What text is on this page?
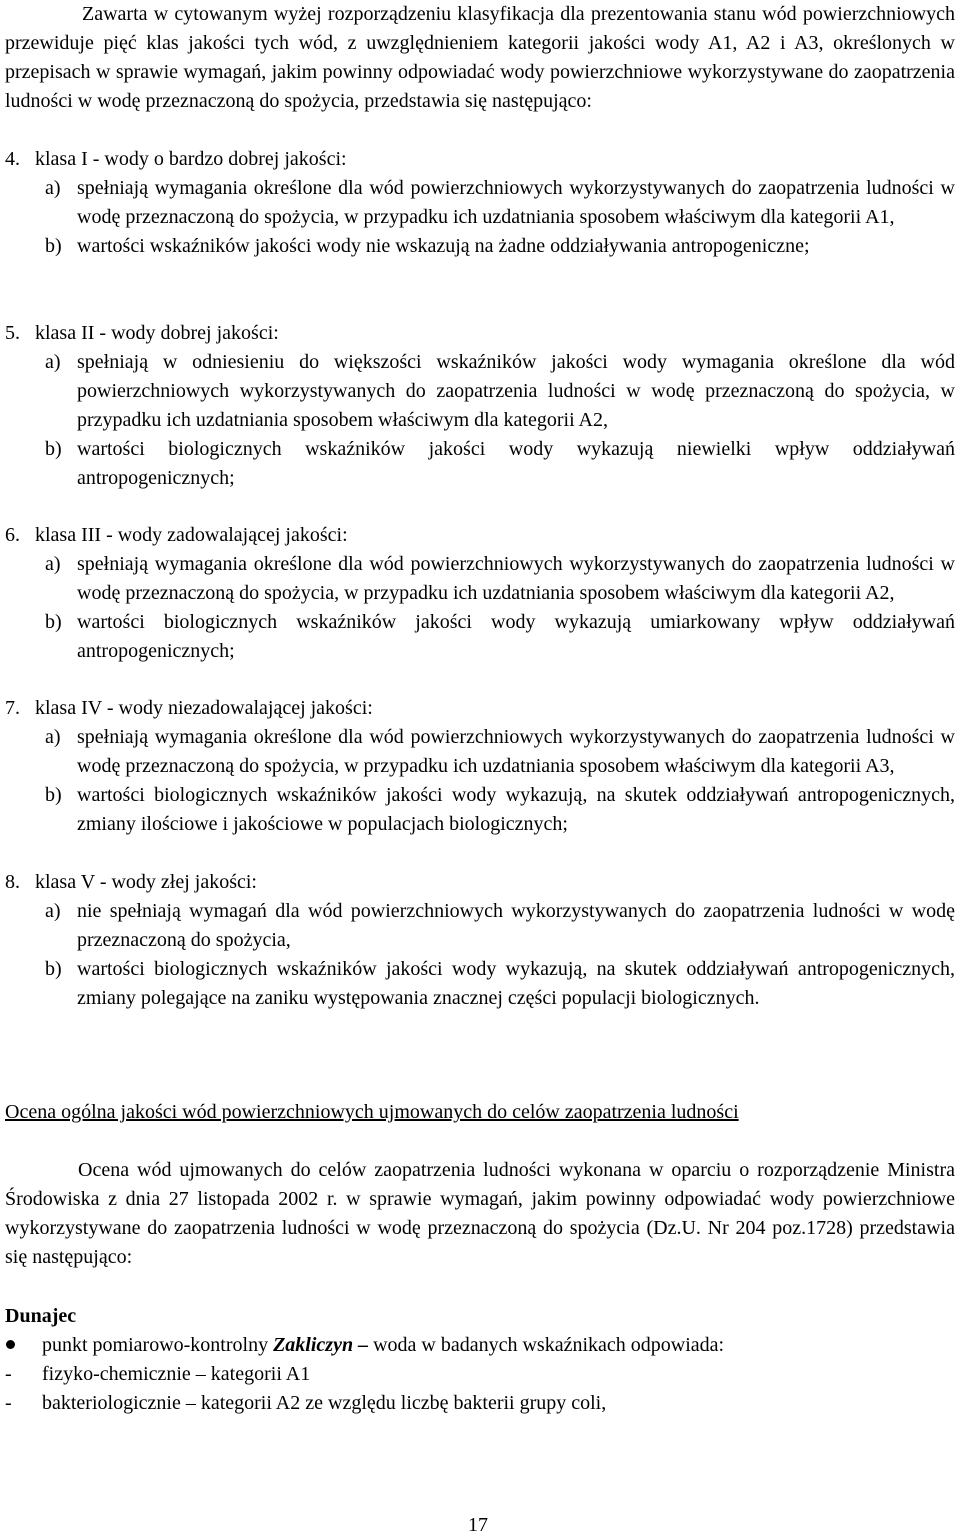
Zawarta w cytowanym wyżej rozporządzeniu klasyfikacja dla prezentowania stanu wód powierzchniowych przewiduje pięć klas jakości tych wód, z uwzględnieniem kategorii jakości wody A1, A2 i A3, określonych w przepisach w sprawie wymagań, jakim powinny odpowiadać wody powierzchniowe wykorzystywane do zaopatrzenia ludności w wodę przeznaczoną do spożycia, przedstawia się następująco:

4. klasa I - wody o bardzo dobrej jakości:
a) spełniają wymagania określone dla wód powierzchniowych wykorzystywanych do zaopatrzenia ludności w wodę przeznaczoną do spożycia, w przypadku ich uzdatniania sposobem właściwym dla kategorii A1,
b) wartości wskaźników jakości wody nie wskazują na żadne oddziaływania antropogeniczne;
5. klasa II - wody dobrej jakości:
a) spełniają w odniesieniu do większości wskaźników jakości wody wymagania określone dla wód powierzchniowych wykorzystywanych do zaopatrzenia ludności w wodę przeznaczoną do spożycia, w przypadku ich uzdatniania sposobem właściwym dla kategorii A2,
b) wartości biologicznych wskaźników jakości wody wykazują niewielki wpływ oddziaływań antropogenicznych;
6. klasa III - wody zadowalającej jakości:
a) spełniają wymagania określone dla wód powierzchniowych wykorzystywanych do zaopatrzenia ludności w wodę przeznaczoną do spożycia, w przypadku ich uzdatniania sposobem właściwym dla kategorii A2,
b) wartości biologicznych wskaźników jakości wody wykazują umiarkowany wpływ oddziaływań antropogenicznych;
7. klasa IV - wody niezadowalającej jakości:
a) spełniają wymagania określone dla wód powierzchniowych wykorzystywanych do zaopatrzenia ludności w wodę przeznaczoną do spożycia, w przypadku ich uzdatniania sposobem właściwym dla kategorii A3,
b) wartości biologicznych wskaźników jakości wody wykazują, na skutek oddziaływań antropogenicznych, zmiany ilościowe i jakościowe w populacjach biologicznych;
8. klasa V - wody złej jakości:
a) nie spełniają wymagań dla wód powierzchniowych wykorzystywanych do zaopatrzenia ludności w wodę przeznaczoną do spożycia,
b) wartości biologicznych wskaźników jakości wody wykazują, na skutek oddziaływań antropogenicznych, zmiany polegające na zaniku występowania znacznej części populacji biologicznych.
Ocena ogólna jakości wód powierzchniowych ujmowanych do celów zaopatrzenia ludności

Ocena wód ujmowanych do celów zaopatrzenia ludności wykonana w oparciu o rozporządzenie Ministra Środowiska z dnia 27 listopada 2002 r. w sprawie wymagań, jakim powinny odpowiadać wody powierzchniowe wykorzystywane do zaopatrzenia ludności w wodę przeznaczoną do spożycia (Dz.U. Nr 204 poz.1728) przedstawia się następująco:

Dunajec
punkt pomiarowo-kontrolny Zakliczyn – woda w badanych wskaźnikach odpowiada:
-	fizyko-chemicznie – kategorii A1
-	bakteriologicznie – kategorii A2 ze względu liczbę bakterii grupy coli,
17
